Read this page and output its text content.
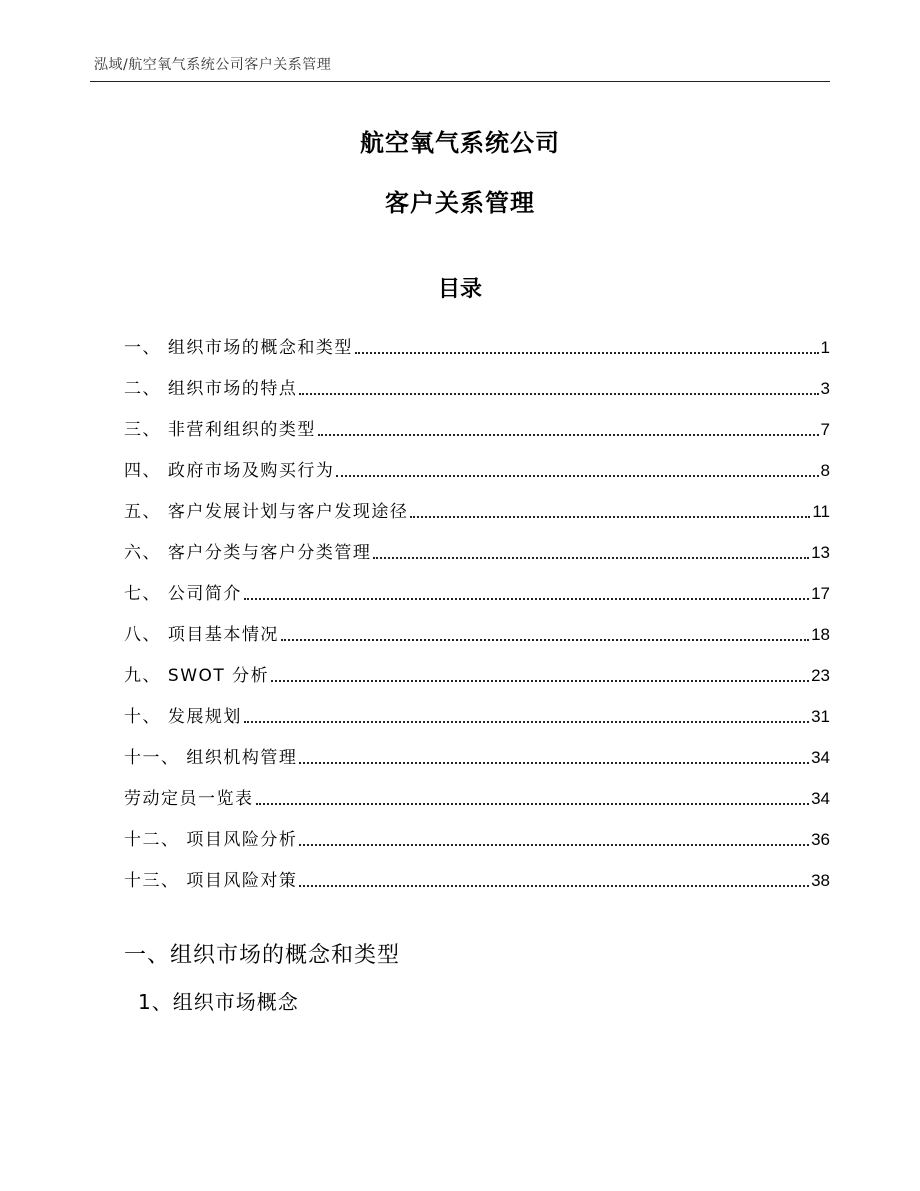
泓域/航空氧气系统公司客户关系管理
航空氧气系统公司
客户关系管理
目录
一、 组织市场的概念和类型	1
二、 组织市场的特点	3
三、 非营利组织的类型	7
四、 政府市场及购买行为	8
五、 客户发展计划与客户发现途径	11
六、 客户分类与客户分类管理	13
七、 公司简介	17
八、 项目基本情况	18
九、 SWOT 分析	23
十、 发展规划	31
十一、 组织机构管理	34
劳动定员一览表	34
十二、 项目风险分析	36
十三、 项目风险对策	38
一、组织市场的概念和类型
1、组织市场概念
